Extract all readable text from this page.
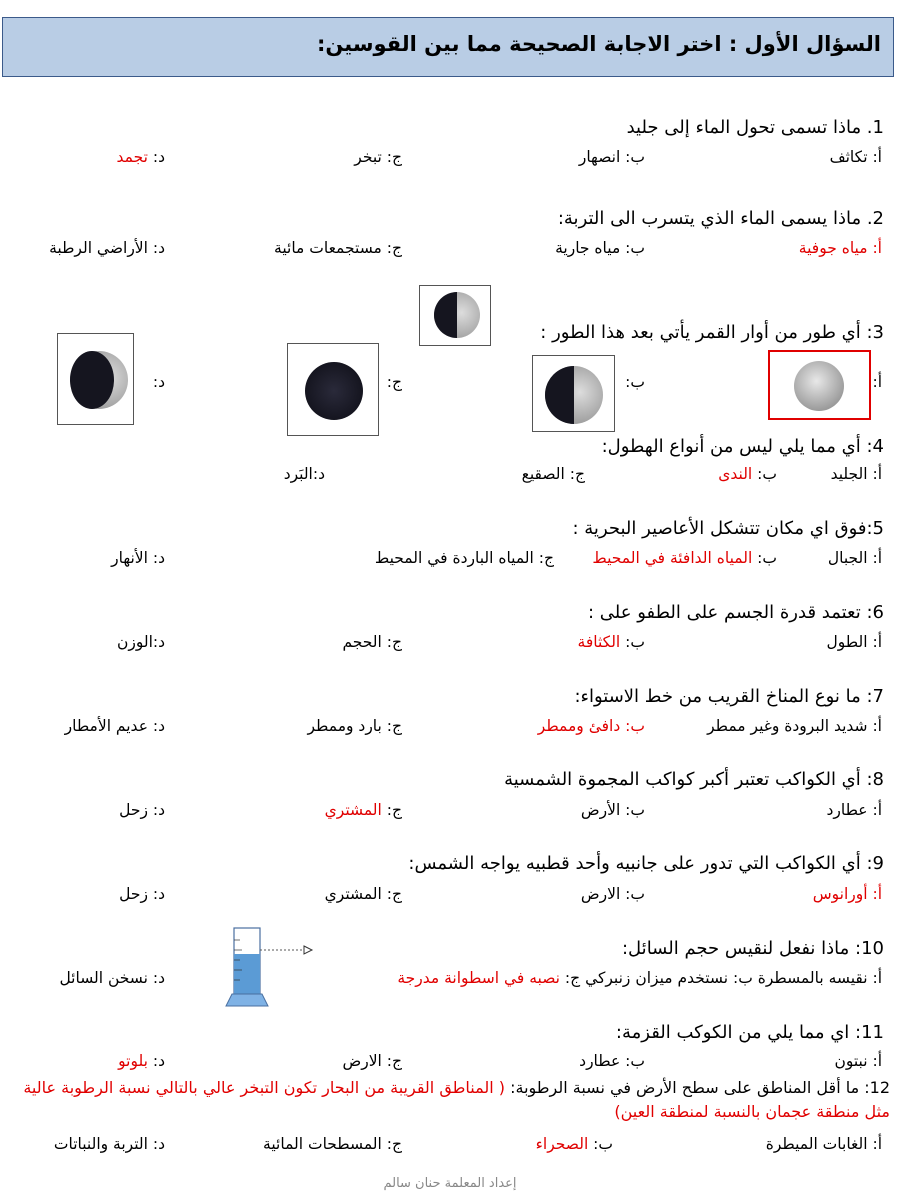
السؤال الأول : اختر الاجابة الصحيحة مما بين القوسين:
1. ماذا تسمى تحول الماء إلى جليد
أ: تكاثف
ب: انصهار
ج: تبخر
د: تجمد
2. ماذا يسمى الماء الذي يتسرب الى التربة:
أ: مياه جوفية
ب: مياه جارية
ج: مستجمعات مائية
د: الأراضي الرطبة
3: أي طور من أوار القمر يأتي بعد هذا الطور :
أ:
ب:
ج:
د:
4: أي مما يلي ليس من أنواع الهطول:
أ: الجليد
ب: الندى
ج: الصقيع
د:البَرد
5:فوق اي مكان تتشكل الأعاصير البحرية :
أ: الجبال
ب: المياه الدافئة في المحيط
ج: المياه الباردة في المحيط
د: الأنهار
6: تعتمد قدرة الجسم على الطفو على :
أ: الطول
ب: الكثافة
ج: الحجم
د:الوزن
7: ما نوع المناخ القريب من خط الاستواء:
أ: شديد البرودة وغير ممطر
ب: دافئ وممطر
ج: بارد وممطر
د: عديم الأمطار
8: أي الكواكب تعتبر أكبر كواكب المجموة الشمسية
أ: عطارد
ب: الأرض
ج: المشتري
د: زحل
9: أي الكواكب التي تدور على جانبيه وأحد قطبيه يواجه الشمس:
أ: أورانوس
ب: الارض
ج: المشتري
د: زحل
10: ماذا نفعل لنقيس حجم السائل:
أ: نقيسه بالمسطرة ب: نستخدم ميزان زنبركي ج: نصبه في اسطوانة مدرجة
د: نسخن السائل
11: اي مما يلي من الكوكب القزمة:
أ: نبتون
ب: عطارد
ج: الارض
د: بلوتو
12: ما أقل المناطق على سطح الأرض في نسبة الرطوبة: ( المناطق القريبة من البحار تكون التبخر عالي بالتالي نسبة الرطوبة عالية مثل منطقة عجمان بالنسبة لمنطقة العين)
أ: الغابات الميطرة
ب: الصحراء
ج: المسطحات المائية
د: التربة والنباتات
إعداد المعلمة حنان سالم
